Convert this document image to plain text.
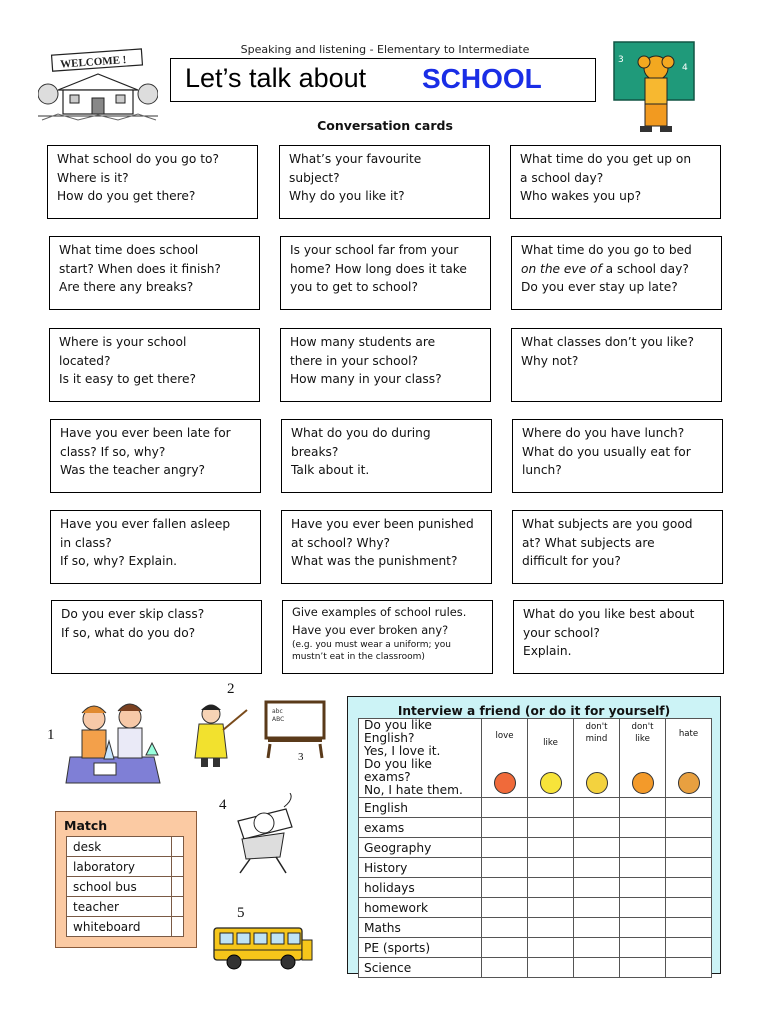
WELCOME !
Speaking and listening - Elementary to Intermediate
Let’s talk about SCHOOL
3
4
Conversation cards
What school do you go to?
Where is it?
How do you get there?
What’s your favourite
subject?
Why do you like it?
What time do you get up on
a school day?
Who wakes you up?
What time does school
start? When does it finish?
Are there any breaks?
Is your school far from your
home? How long does it take
you to get to school?
What time do you go to bed
on the eve of a school day?
Do you ever stay up late?
Where is your school
located?
Is it easy to get there?
How many students are
there in your school?
How many in your class?
What classes don’t you like?
Why not?
Have you ever been late for
class? If so, why?
Was the teacher angry?
What do you do during
breaks?
Talk about it.
Where do you have lunch?
What do you usually eat for
lunch?
Have you ever fallen asleep
in class?
If so, why? Explain.
Have you ever been punished
at school? Why?
What was the punishment?
What subjects are you good
at? What subjects are
difficult for you?
Do you ever skip class?
If so, what do you do?
Give examples of school rules.
Have you ever broken any?
(e.g. you must wear a uniform; you
mustn’t eat in the classroom)
What do you like best about
your school?
Explain.
1
2
3
4
5
abc
ABC
Match
desk	
laboratory	
school bus	
teacher	
whiteboard	
Interview a friend (or do it for yourself)
Do you like English?
Yes, I love it.
Do you like exams?
No, I hate them.	love	like	don't mind	don't like	hate

English					
exams					
Geography					
History					
holidays					
homework					
Maths					
PE (sports)					
Science					
